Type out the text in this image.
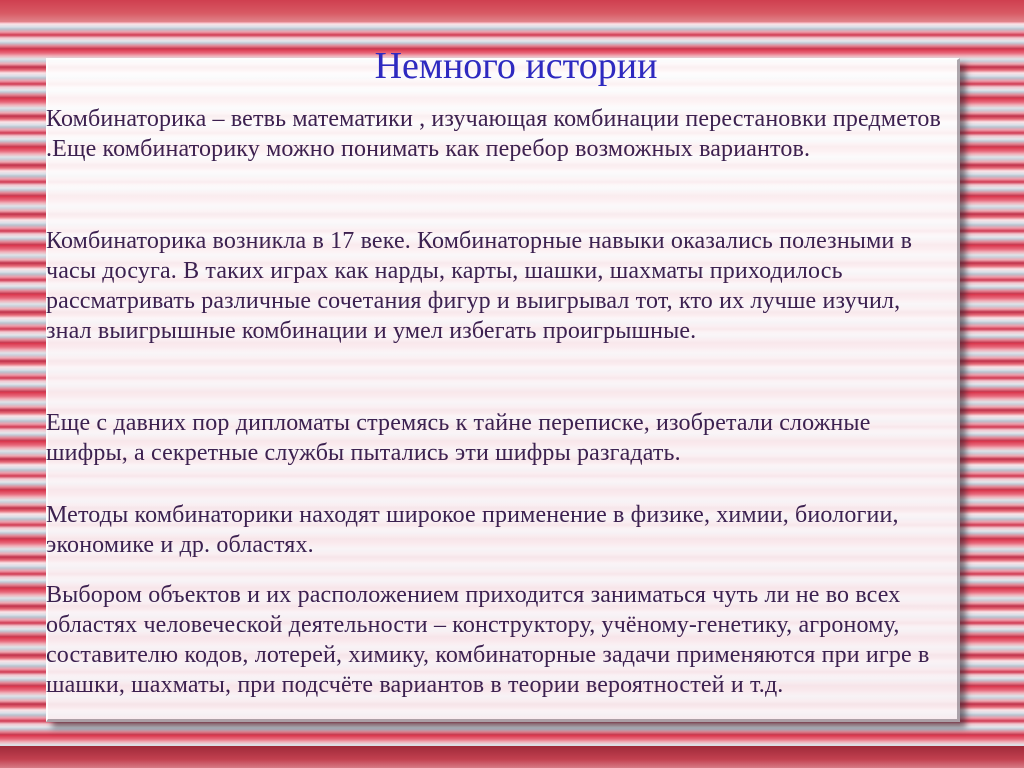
Немного истории

Комбинаторика – ветвь математики , изучающая комбинации перестановки предметов .Еще комбинаторику можно понимать как перебор возможных вариантов.

Комбинаторика возникла в 17 веке. Комбинаторные навыки оказались полезными в часы досуга. В таких играх как нарды, карты, шашки, шахматы приходилось рассматривать различные сочетания фигур и выигрывал тот, кто их лучше изучил, знал выигрышные комбинации и умел избегать проигрышные.

Еще с давних пор дипломаты стремясь к тайне переписке, изобретали сложные шифры, а секретные службы пытались эти шифры разгадать.

Методы комбинаторики находят широкое применение в физике, химии, биологии, экономике и др. областях.

Выбором объектов и их расположением приходится заниматься чуть ли не во всех областях человеческой деятельности – конструктору, учёному-генетику, агроному, составителю кодов, лотерей, химику, комбинаторные задачи применяются при игре в шашки, шахматы, при подсчёте вариантов в теории вероятностей и т.д.
